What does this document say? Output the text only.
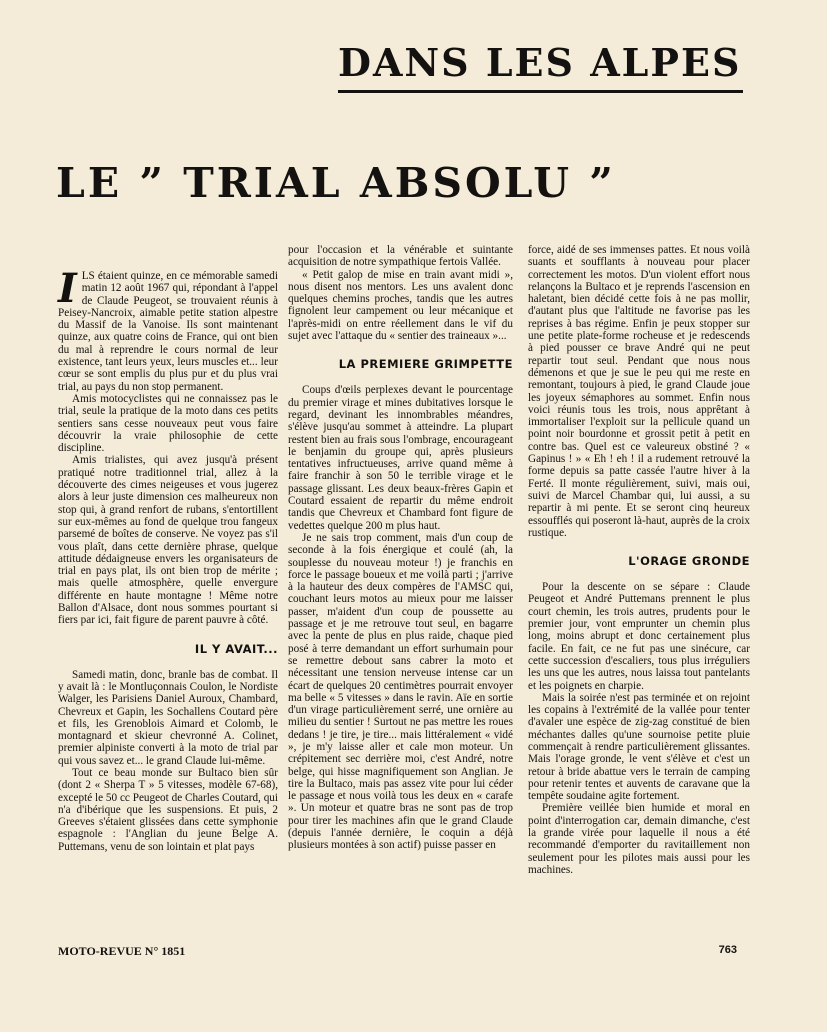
DANS LES ALPES
LE ” TRIAL ABSOLU ”

ILS étaient quinze, en ce mémorable samedi matin 12 août 1967 qui, répondant à l'appel de Claude Peugeot, se trouvaient réunis à Peisey-Nancroix, aimable petite station alpestre du Massif de la Vanoise. Ils sont maintenant quinze, aux quatre coins de France, qui ont bien du mal à reprendre le cours normal de leur existence, tant leurs yeux, leurs muscles et... leur cœur se sont emplis du plus pur et du plus vrai trial, au pays du non stop permanent.

Amis motocyclistes qui ne connaissez pas le trial, seule la pratique de la moto dans ces petits sentiers sans cesse nouveaux peut vous faire découvrir la vraie philosophie de cette discipline.

Amis trialistes, qui avez jusqu'à présent pratiqué notre traditionnel trial, allez à la découverte des cimes neigeuses et vous jugerez alors à leur juste dimension ces malheureux non stop qui, à grand renfort de rubans, s'entortillent sur eux-mêmes au fond de quelque trou fangeux parsemé de boîtes de conserve. Ne voyez pas s'il vous plaît, dans cette dernière phrase, quelque attitude dédaigneuse envers les organisateurs de trial en pays plat, ils ont bien trop de mérite ; mais quelle atmosphère, quelle envergure différente en haute montagne ! Même notre Ballon d'Alsace, dont nous sommes pourtant si fiers par ici, fait figure de parent pauvre à côté.

IL Y AVAIT...

Samedi matin, donc, branle bas de combat. Il y avait là : le Montluçonnais Coulon, le Nordiste Walger, les Parisiens Daniel Auroux, Chambard, Chevreux et Gapin, les Sochallens Coutard père et fils, les Grenoblois Aimard et Colomb, le montagnard et skieur chevronné A. Colinet, premier alpiniste converti à la moto de trial par qui vous savez et... le grand Claude lui-même.

Tout ce beau monde sur Bultaco bien sûr (dont 2 « Sherpa T » 5 vitesses, modèle 67-68), excepté le 50 cc Peugeot de Charles Coutard, qui n'a d'ibérique que les suspensions. Et puis, 2 Greeves s'étaient glissées dans cette symphonie espagnole : l'Anglian du jeune Belge A. Puttemans, venu de son lointain et plat pays

pour l'occasion et la vénérable et suintante acquisition de notre sympathique fertois Vallée.

« Petit galop de mise en train avant midi », nous disent nos mentors. Les uns avalent donc quelques chemins proches, tandis que les autres fignolent leur campement ou leur mécanique et l'après-midi on entre réellement dans le vif du sujet avec l'attaque du « sentier des traineaux »...

LA PREMIERE GRIMPETTE

Coups d'œils perplexes devant le pourcentage du premier virage et mines dubitatives lorsque le regard, devinant les innombrables méandres, s'élève jusqu'au sommet à atteindre. La plupart restent bien au frais sous l'ombrage, encourageant le benjamin du groupe qui, après plusieurs tentatives infructueuses, arrive quand même à faire franchir à son 50 le terrible virage et le passage glissant. Les deux beaux-frères Gapin et Coutard essaient de repartir du même endroit tandis que Chevreux et Chambard font figure de vedettes quelque 200 m plus haut.

Je ne sais trop comment, mais d'un coup de seconde à la fois énergique et coulé (ah, la souplesse du nouveau moteur !) je franchis en force le passage boueux et me voilà parti ; j'arrive à la hauteur des deux compères de l'AMSC qui, couchant leurs motos au mieux pour me laisser passer, m'aident d'un coup de poussette au passage et je me retrouve tout seul, en bagarre avec la pente de plus en plus raide, chaque pied posé à terre demandant un effort surhumain pour se remettre debout sans cabrer la moto et nécessitant une tension nerveuse intense car un écart de quelques 20 centimètres pourrait envoyer ma belle « 5 vitesses » dans le ravin. Aïe en sortie d'un virage particulièrement serré, une ornière au milieu du sentier ! Surtout ne pas mettre les roues dedans ! je tire, je tire... mais littéralement « vidé », je m'y laisse aller et cale mon moteur. Un crépitement sec derrière moi, c'est André, notre belge, qui hisse magnifiquement son Anglian. Je tire la Bultaco, mais pas assez vite pour lui céder le passage et nous voilà tous les deux en « carafe ». Un moteur et quatre bras ne sont pas de trop pour tirer les machines afin que le grand Claude (depuis l'année dernière, le coquin a déjà plusieurs montées à son actif) puisse passer en

force, aidé de ses immenses pattes. Et nous voilà suants et soufflants à nouveau pour placer correctement les motos. D'un violent effort nous relançons la Bultaco et je reprends l'ascension en haletant, bien décidé cette fois à ne pas mollir, d'autant plus que l'altitude ne favorise pas les reprises à bas régime. Enfin je peux stopper sur une petite plate-forme rocheuse et je redescends à pied pousser ce brave André qui ne peut repartir tout seul. Pendant que nous nous démenons et que je sue le peu qui me reste en remontant, toujours à pied, le grand Claude joue les joyeux sémaphores au sommet. Enfin nous voici réunis tous les trois, nous apprêtant à immortaliser l'exploit sur la pellicule quand un point noir bourdonne et grossit petit à petit en contre bas. Quel est ce valeureux obstiné ? « Gapinus ! » « Eh ! eh ! il a rudement retrouvé la forme depuis sa patte cassée l'autre hiver à la Ferté. Il monte régulièrement, suivi, mais oui, suivi de Marcel Chambar qui, lui aussi, a su repartir à mi pente. Et se seront cinq heureux essoufflés qui poseront là-haut, auprès de la croix rustique.

L'ORAGE GRONDE

Pour la descente on se sépare : Claude Peugeot et André Puttemans prennent le plus court chemin, les trois autres, prudents pour le premier jour, vont emprunter un chemin plus long, moins abrupt et donc certainement plus facile. En fait, ce ne fut pas une sinécure, car cette succession d'escaliers, tous plus irréguliers les uns que les autres, nous laissa tout pantelants et les poignets en charpie.

Mais la soirée n'est pas terminée et on rejoint les copains à l'extrémité de la vallée pour tenter d'avaler une espèce de zig-zag constitué de bien méchantes dalles qu'une sournoise petite pluie commençait à rendre particulièrement glissantes. Mais l'orage gronde, le vent s'élève et c'est un retour à bride abattue vers le terrain de camping pour retenir tentes et auvents de caravane que la tempête soudaine agite fortement.

Première veillée bien humide et moral en point d'interrogation car, demain dimanche, c'est la grande virée pour laquelle il nous a été recommandé d'emporter du ravitaillement non seulement pour les pilotes mais aussi pour les machines.

MOTO-REVUE N° 1851	763
